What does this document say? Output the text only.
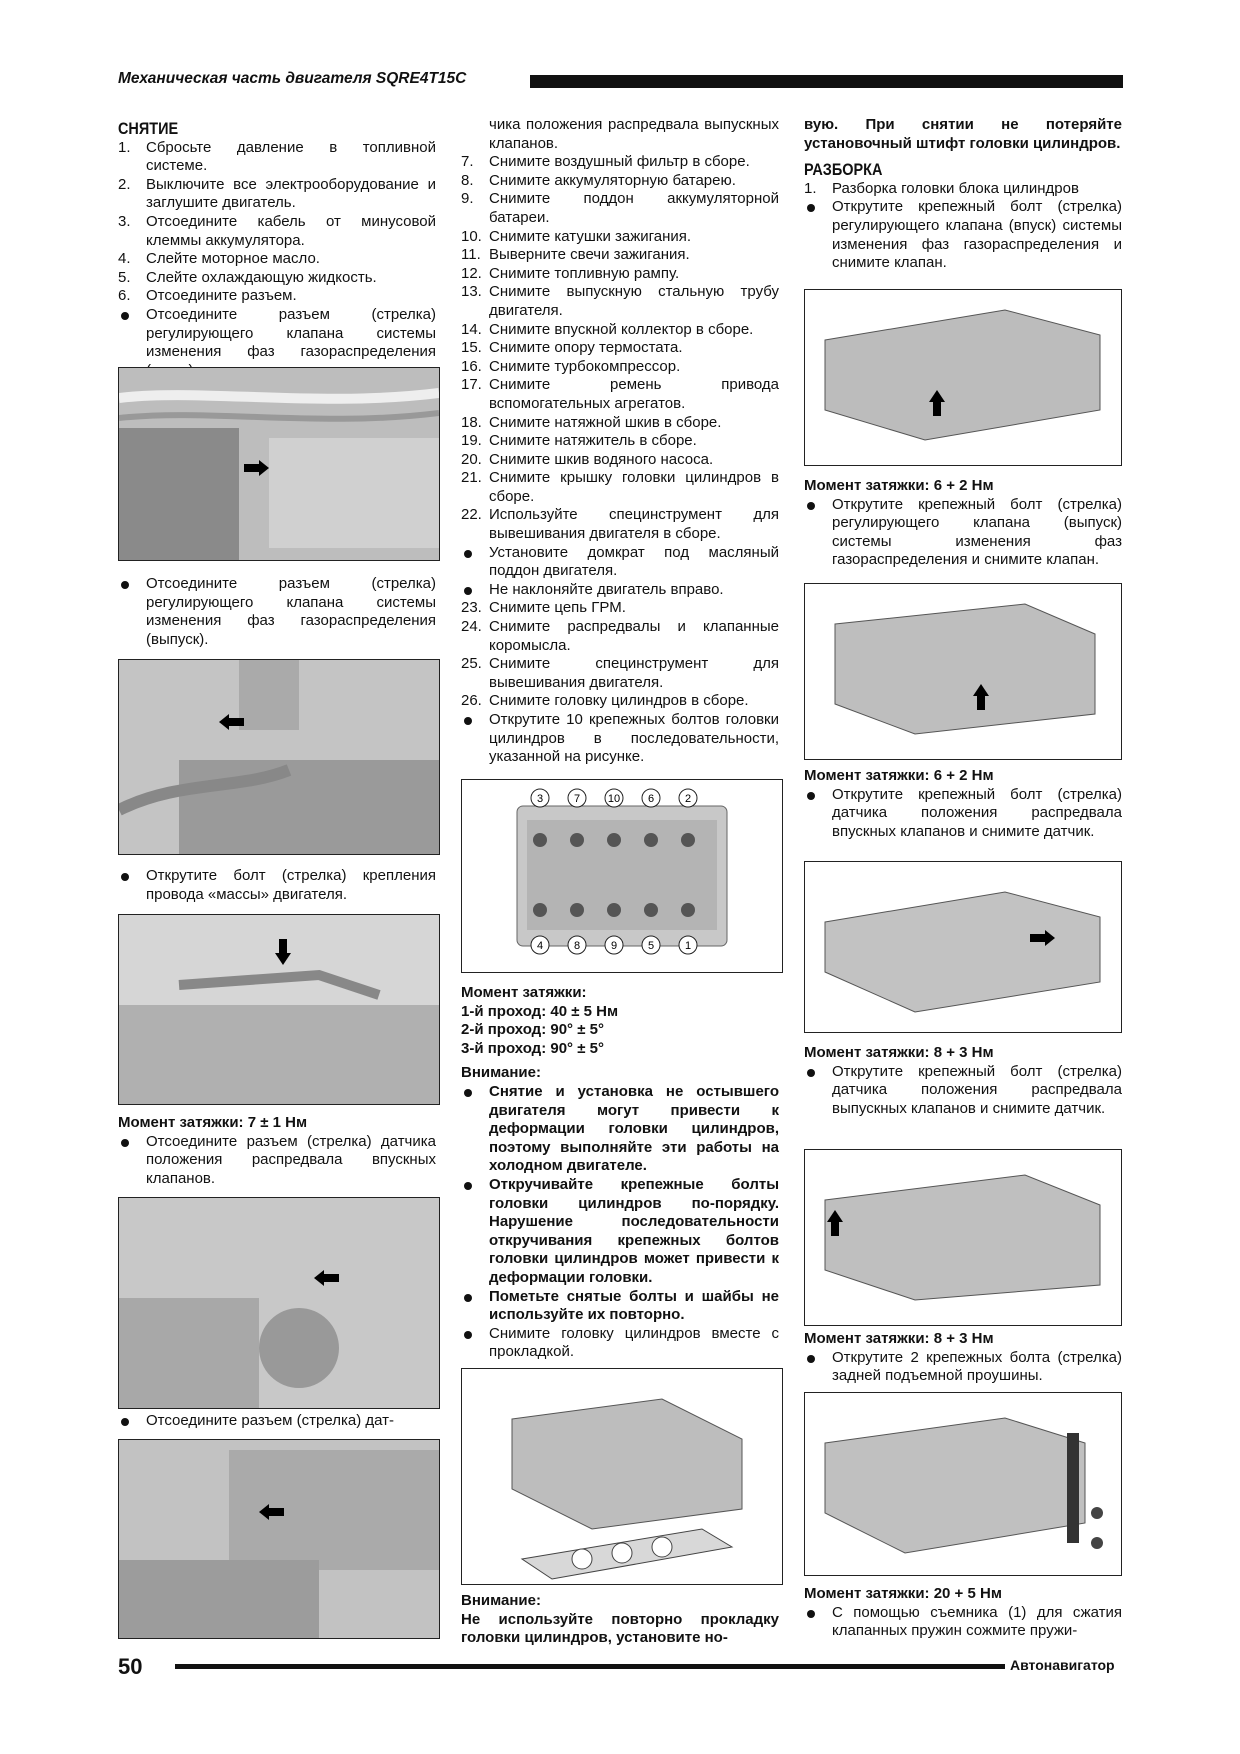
Механическая часть двигателя SQRE4T15C
СНЯТИЕ
1. Сбросьте давление в топливной системе.
2. Выключите все электрооборудование и заглушите двигатель.
3. Отсоедините кабель от минусовой клеммы аккумулятора.
4. Слейте моторное масло.
5. Слейте охлаждающую жидкость.
6. Отсоедините разъем.
Отсоедините разъем (стрелка) регулирующего клапана системы изменения фаз газораспределения
Отсоедините разъем (стрелка) регулирующего клапана системы изменения фаз газораспределения (выпуск).
Открутите болт (стрелка) крепления провода «массы» двигателя.
Момент затяжки: 7 ± 1 Нм
Отсоедините разъем (стрелка) датчика положения распредвала впускных клапанов.
Отсоедините разъем (стрелка) дат-
чика положения распредвала выпускных клапанов.
7. Снимите воздушный фильтр в сборе.
8. Снимите аккумуляторную батарею.
9. Снимите поддон аккумуляторной батареи.
10. Снимите катушки зажигания.
11. Выверните свечи зажигания.
12. Снимите топливную рампу.
13. Снимите выпускную стальную трубу двигателя.
14. Снимите впускной коллектор в сборе.
15. Снимите опору термостата.
16. Снимите турбокомпрессор.
17. Снимите ремень привода вспомогательных агрегатов.
18. Снимите натяжной шкив в сборе.
19. Снимите натяжитель в сборе.
20. Снимите шкив водяного насоса.
21. Снимите крышку головки цилиндров в сборе.
22. Используйте специнструмент для вывешивания двигателя в сборе.
Установите домкрат под масляный поддон двигателя.
Не наклоняйте двигатель вправо.
23. Снимите цепь ГРМ.
24. Снимите распредвалы и клапанные коромысла.
25. Снимите специнструмент для вывешивания двигателя.
26. Снимите головку цилиндров в сборе.
Открутите 10 крепежных болтов головки цилиндров в последовательности, указанной на рисунке.
3	7	10	6	2
4	8	9	5	1
Момент затяжки:
1-й проход: 40 ± 5 Нм
2-й проход: 90° ± 5°
3-й проход: 90° ± 5°
Внимание:
Снятие и установка не остывшего двигателя могут привести к деформации головки цилиндров, поэтому выполняйте эти работы на холодном двигателе.
Откручивайте крепежные болты головки цилиндров по-порядку. Нарушение последовательности откручивания крепежных болтов головки цилиндров может привести к деформации головки.
Пометьте снятые болты и шайбы не используйте их повторно.
Снимите головку цилиндров вместе с прокладкой.
Внимание:
Не используйте повторно прокладку головки цилиндров, установите но-
вую. При снятии не потеряйте установочный штифт головки цилиндров.
РАЗБОРКА
1. Разборка головки блока цилиндров
Открутите крепежный болт (стрелка) регулирующего клапана (впуск) системы изменения фаз газораспределения и снимите клапан.
Момент затяжки: 6 + 2 Нм
Открутите крепежный болт (стрелка) регулирующего клапана (выпуск) системы изменения фаз газораспределения и снимите клапан.
Момент затяжки: 6 + 2 Нм
Открутите крепежный болт (стрелка) датчика положения распредвала впускных клапанов и снимите датчик.
Момент затяжки: 8 + 3 Нм
Открутите крепежный болт (стрелка) датчика положения распредвала выпускных клапанов и снимите датчик.
Момент затяжки: 8 + 3 Нм
Открутите 2 крепежных болта (стрелка) задней подъемной проушины.
Момент затяжки: 20 + 5 Нм
С помощью съемника (1) для сжатия клапанных пружин сожмите пружи-
50	Автонавигатор
